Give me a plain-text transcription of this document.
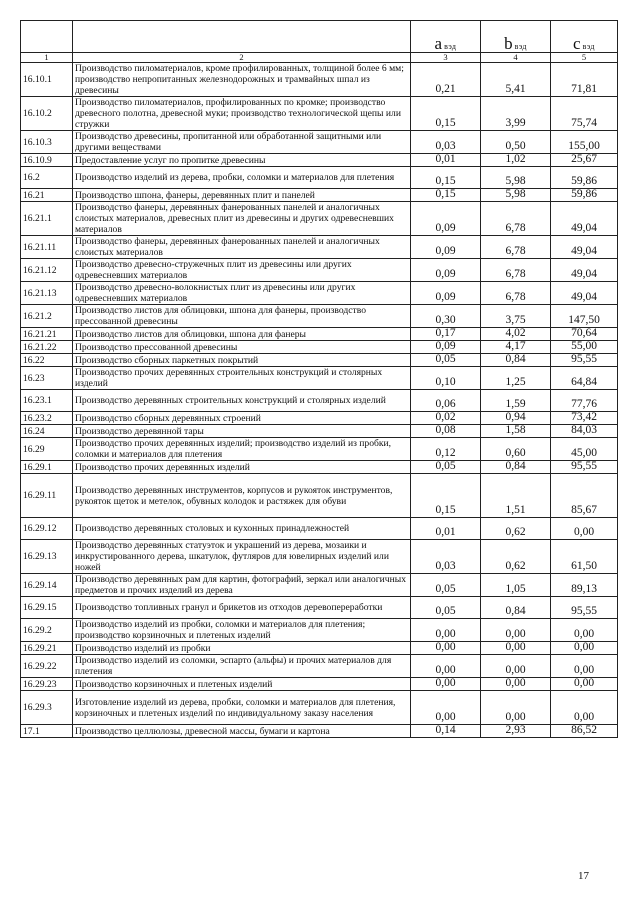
		a вэд	b вэд	c вэд
1	2	3	4	5
16.10.1	Производство пиломатериалов, кроме профилированных, толщиной более 6 мм; производство непропитанных железнодорожных и трамвайных шпал из древесины	0,21	5,41	71,81
16.10.2	Производство пиломатериалов, профилированных по кромке; производство древесного полотна, древесной муки; производство технологической щепы или стружки	0,15	3,99	75,74
16.10.3	Производство древесины, пропитанной или обработанной защитными или другими веществами	0,03	0,50	155,00
16.10.9	Предоставление услуг по пропитке древесины	0,01	1,02	25,67
16.2	Производство изделий из дерева, пробки, соломки и материалов для плетения	0,15	5,98	59,86
16.21	Производство шпона, фанеры, деревянных плит и панелей	0,15	5,98	59,86
16.21.1	Производство фанеры, деревянных фанерованных панелей и аналогичных слоистых материалов, древесных плит из древесины и других одревесневших материалов	0,09	6,78	49,04
16.21.11	Производство фанеры, деревянных фанерованных панелей и аналогичных слоистых материалов	0,09	6,78	49,04
16.21.12	Производство древесно-стружечных плит из древесины или других одревесневших материалов	0,09	6,78	49,04
16.21.13	Производство древесно-волокнистых плит из древесины или других одревесневших материалов	0,09	6,78	49,04
16.21.2	Производство листов для облицовки, шпона для фанеры, производство прессованной древесины	0,30	3,75	147,50
16.21.21	Производство листов для облицовки, шпона для фанеры	0,17	4,02	70,64
16.21.22	Производство прессованной древесины	0,09	4,17	55,00
16.22	Производство сборных паркетных покрытий	0,05	0,84	95,55
16.23	Производство прочих деревянных строительных конструкций и столярных изделий	0,10	1,25	64,84
16.23.1	Производство деревянных строительных конструкций и столярных изделий	0,06	1,59	77,76
16.23.2	Производство сборных деревянных строений	0,02	0,94	73,42
16.24	Производство деревянной тары	0,08	1,58	84,03
16.29	Производство прочих деревянных изделий; производство изделий из пробки, соломки и материалов для плетения	0,12	0,60	45,00
16.29.1	Производство прочих деревянных изделий	0,05	0,84	95,55
16.29.11	Производство деревянных инструментов, корпусов и рукояток инструментов, рукояток щеток и метелок, обувных колодок и растяжек для обуви	0,15	1,51	85,67
16.29.12	Производство деревянных столовых и кухонных принадлежностей	0,01	0,62	0,00
16.29.13	Производство деревянных статуэток и украшений из дерева, мозаики и инкрустированного дерева, шкатулок, футляров для ювелирных изделий или ножей	0,03	0,62	61,50
16.29.14	Производство деревянных рам для картин, фотографий, зеркал или аналогичных предметов и прочих изделий из дерева	0,05	1,05	89,13
16.29.15	Производство топливных гранул и брикетов из отходов деревопереработки	0,05	0,84	95,55
16.29.2	Производство изделий из пробки, соломки и материалов для плетения; производство корзиночных и плетеных изделий	0,00	0,00	0,00
16.29.21	Производство изделий из пробки	0,00	0,00	0,00
16.29.22	Производство изделий из соломки, эспарто (альфы) и прочих материалов для плетения	0,00	0,00	0,00
16.29.23	Производство корзиночных и плетеных изделий	0,00	0,00	0,00
16.29.3	Изготовление изделий из дерева, пробки, соломки и материалов для плетения, корзиночных и плетеных изделий по индивидуальному заказу населения	0,00	0,00	0,00
17.1	Производство целлюлозы, древесной массы, бумаги и картона	0,14	2,93	86,52
17
